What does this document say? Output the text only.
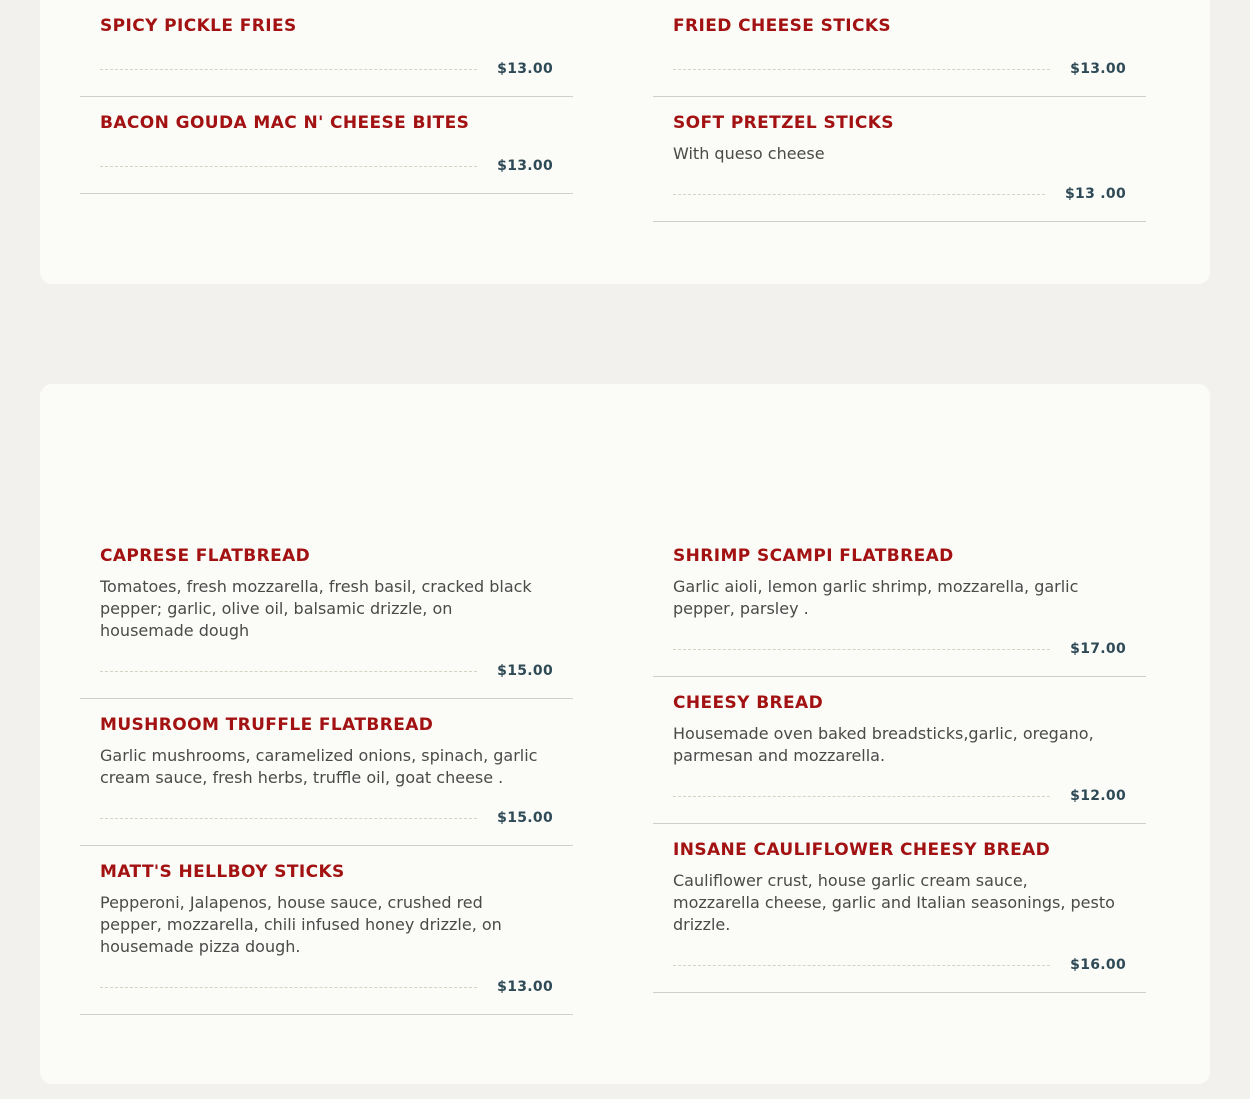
SPICY PICKLE FRIES
$13.00
BACON GOUDA MAC N' CHEESE BITES
$13.00
FRIED CHEESE STICKS
$13.00
SOFT PRETZEL STICKS

With queso cheese

$13 .00
CAPRESE FLATBREAD

Tomatoes, fresh mozzarella, fresh basil, cracked black pepper; garlic, olive oil, balsamic drizzle, on housemade dough

$15.00
MUSHROOM TRUFFLE FLATBREAD

Garlic mushrooms, caramelized onions, spinach, garlic cream sauce, fresh herbs, truffle oil, goat cheese .

$15.00
MATT'S HELLBOY STICKS

Pepperoni, Jalapenos, house sauce, crushed red pepper, mozzarella, chili infused honey drizzle, on housemade pizza dough.

$13.00
SHRIMP SCAMPI FLATBREAD

Garlic aioli, lemon garlic shrimp, mozzarella, garlic pepper, parsley .

$17.00
CHEESY BREAD

Housemade oven baked breadsticks,garlic, oregano, parmesan and mozzarella.

$12.00
INSANE CAULIFLOWER CHEESY BREAD

Cauliflower crust, house garlic cream sauce, mozzarella cheese, garlic and Italian seasonings, pesto drizzle.

$16.00
